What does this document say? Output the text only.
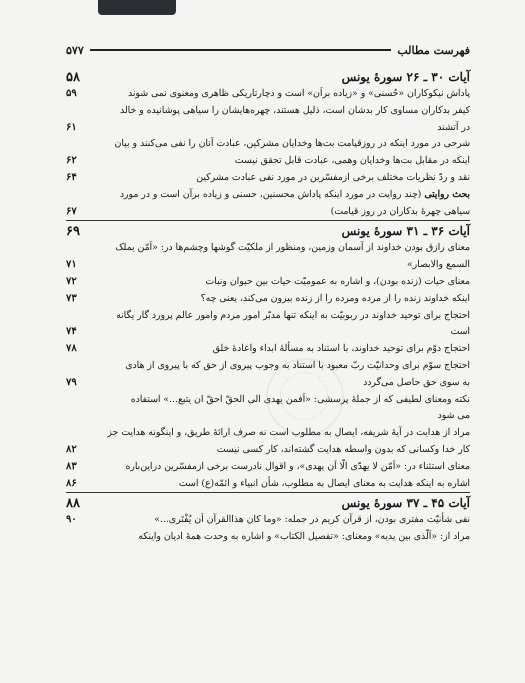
فهرست مطالب
۵۷۷
آیات ۳۰ ـ ۲۶ سورهٔ یونس
۵۸
پاداش نیکوکاران «حُسنی» و «زیاده براَن» است و دچارتاریکی ظاهری ومعنوی نمی شوند
۵۹
کیفر بدکاران مساوی کار بدشان است، ذلیل هستند، چهره‌هایشان را سیاهی پوشانیده و خالد
در آتشند
۶۱
شرحی در مورد اینکه در روزقیامت بت‌ها وخدایان مشرکین، عبادت آنان را نفی می‌کنند و بیان
اینکه در مقابل بت‌ها وخدایان وهمی، عبادت قابل تحقق نیست
۶۲
نقد و ردّ نظریات مختلف برخی ازمفسّرین در مورد نفی عبادت مشرکین
۶۴
بحث روایتی (چند روایت در مورد اینکه پاداش محسنین، حسنی و زیاده برآن است و در مورد
سیاهی چهرهٔ بدکاران در روز قیامت)
۶۷
آیات ۳۶ ـ ۳۱ سورهٔ یونس
۶۹
معنای رازق بودن خداوند از آسمان وزمین، ومنظور از ملکیّت گوشها وچشم‌ها در: «اَمّن یملک
السمع والابصار»
۷۱
معنای حیات (زنده بودن)، و اشاره به عمومیّت حیات بین حیوان ونبات
۷۲
اینکه خداوند زنده را از مرده ومرده را از زنده بیرون می‌کند، یعنی چه؟
۷۳
احتجاج برای توحید خداوند در ربوبیّت به اینکه تنها مدبّر امور مردم وامور عالم پرورد گار یگانه
است
۷۴
احتجاج دوّم برای توحید خداوند، با استناد به مسألهٔ ابداء واعادهٔ خلق
۷۸
احتجاج سوّم برای وحدانیّت ربّ معبود با استناد به وجوب پیروی از حق که با پیروی از هادی
به سوی حق حاصل می‌گردد
۷۹
نکته ومعنای لطیفی که از جملهٔ پرسشی: «اَفمن یهدی الی الحقّ احقّ ان یتبع...» استفاده
می شود
مراد از هدایت در آیهٔ شریفه، ایصال به مطلوب است نه صرف ارائهٔ طریق، و اینگونه هدایت جز
کار خدا وکسانی که بدون واسطه هدایت گشته‌اند، کار کسی نیست
۸۲
معنای استثناء در: «اَمّن لا یهدّی الّا اَن یهدی»، و اقوال نادرست برخی ازمفسّرین دراین‌باره
۸۳
اشاره به اینکه هدایت به معنای ایصال به مطلوب، شأن انبیاء و ائمّه(ع) است
۸۶
آیات ۴۵ ـ ۳۷ سورهٔ یونس
۸۸
نفی شأنیّت مفتری بودن، از قرآن کریم در جمله: «وما کان هذاالقرآن اَن یُفْتَری...»
۹۰
مراد از: «اَلّذی بین یدیه» ومعنای: «تفصیل الکتاب» و اشاره به وحدت همهٔ ادیان واینکه
